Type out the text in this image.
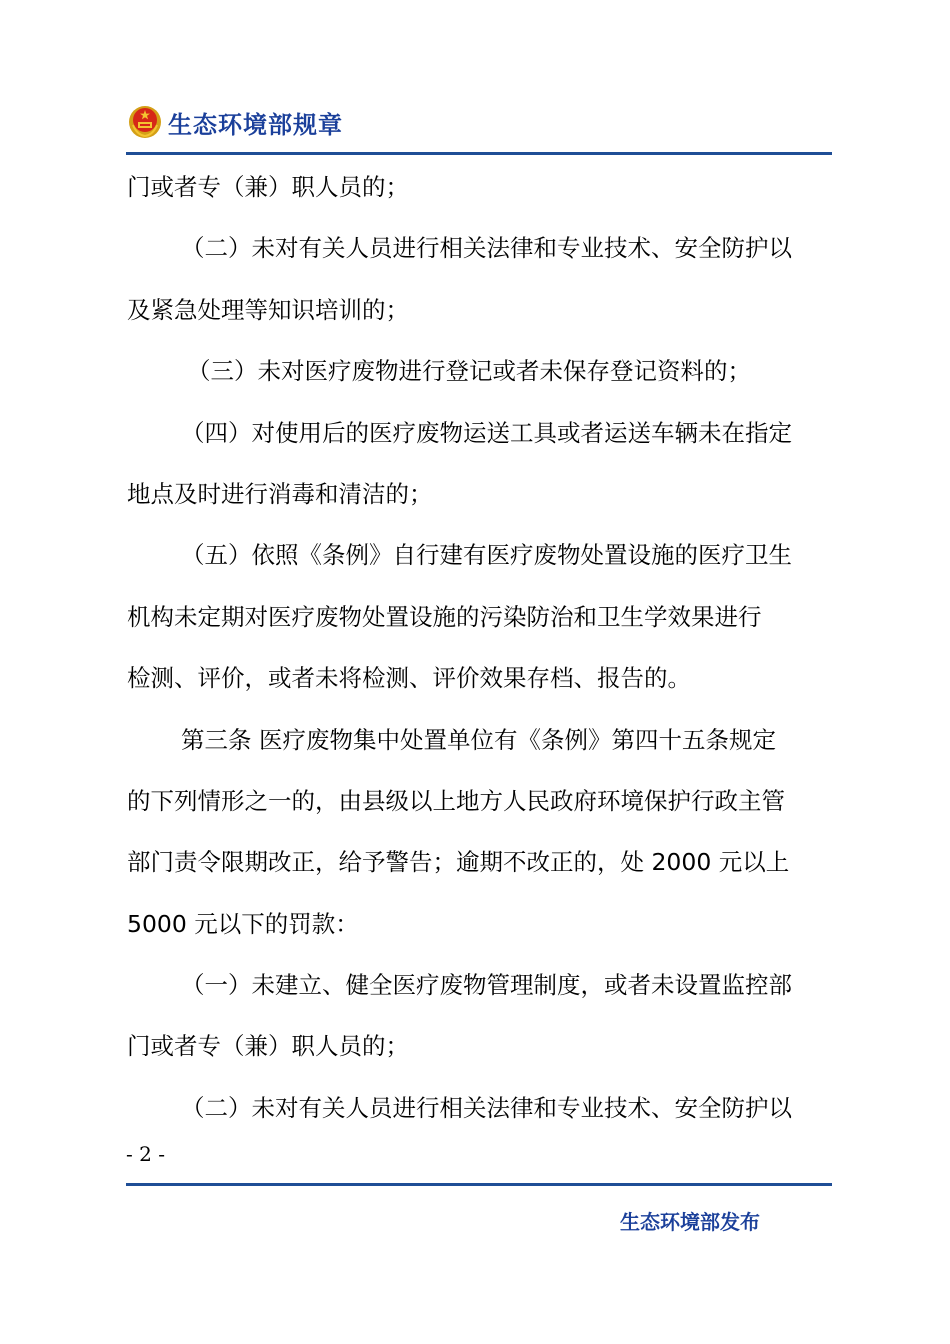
生态环境部规章
门或者专（兼）职人员的；
（二）未对有关人员进行相关法律和专业技术、安全防护以
及紧急处理等知识培训的；
（三）未对医疗废物进行登记或者未保存登记资料的；
（四）对使用后的医疗废物运送工具或者运送车辆未在指定
地点及时进行消毒和清洁的；
（五）依照《条例》自行建有医疗废物处置设施的医疗卫生
机构未定期对医疗废物处置设施的污染防治和卫生学效果进行
检测、评价，或者未将检测、评价效果存档、报告的。
第三条 医疗废物集中处置单位有《条例》第四十五条规定
的下列情形之一的，由县级以上地方人民政府环境保护行政主管
部门责令限期改正，给予警告；逾期不改正的，处 2000 元以上
5000 元以下的罚款：
（一）未建立、健全医疗废物管理制度，或者未设置监控部
门或者专（兼）职人员的；
（二）未对有关人员进行相关法律和专业技术、安全防护以
- 2 -
生态环境部发布
